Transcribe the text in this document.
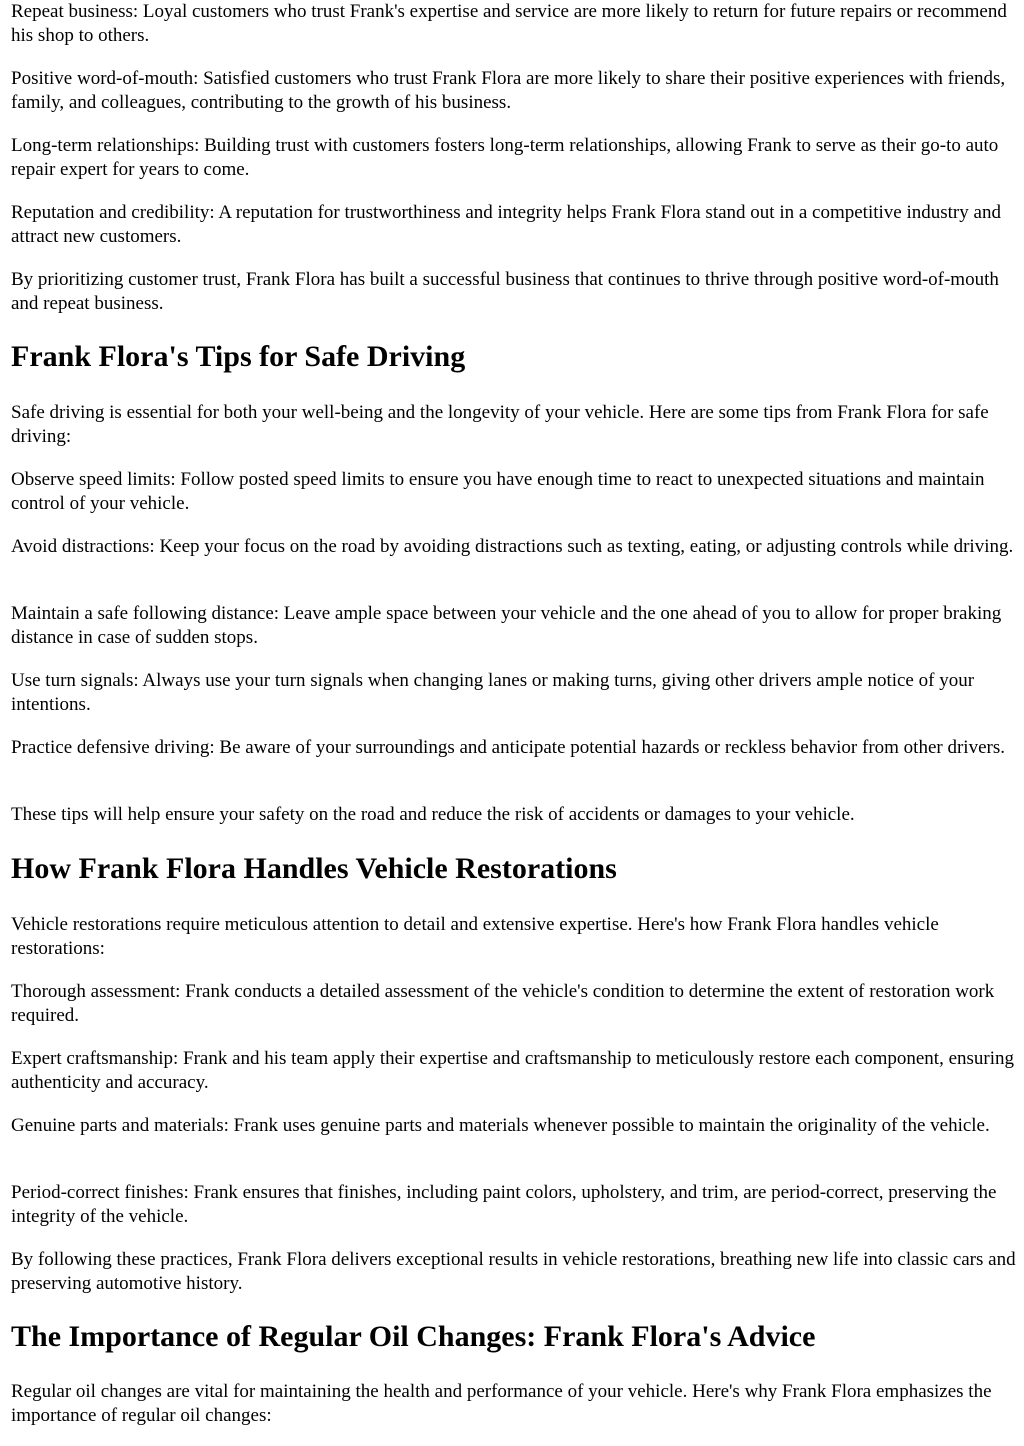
Repeat business: Loyal customers who trust Frank's expertise and service are more likely to return for future repairs or recommend his shop to others.

Positive word-of-mouth: Satisfied customers who trust Frank Flora are more likely to share their positive experiences with friends, family, and colleagues, contributing to the growth of his business.

Long-term relationships: Building trust with customers fosters long-term relationships, allowing Frank to serve as their go-to auto repair expert for years to come.

Reputation and credibility: A reputation for trustworthiness and integrity helps Frank Flora stand out in a competitive industry and attract new customers.

By prioritizing customer trust, Frank Flora has built a successful business that continues to thrive through positive word-of-mouth and repeat business.

Frank Flora's Tips for Safe Driving

Safe driving is essential for both your well-being and the longevity of your vehicle. Here are some tips from Frank Flora for safe driving:

Observe speed limits: Follow posted speed limits to ensure you have enough time to react to unexpected situations and maintain control of your vehicle.

Avoid distractions: Keep your focus on the road by avoiding distractions such as texting, eating, or adjusting controls while driving.

Maintain a safe following distance: Leave ample space between your vehicle and the one ahead of you to allow for proper braking distance in case of sudden stops.

Use turn signals: Always use your turn signals when changing lanes or making turns, giving other drivers ample notice of your intentions.

Practice defensive driving: Be aware of your surroundings and anticipate potential hazards or reckless behavior from other drivers.

These tips will help ensure your safety on the road and reduce the risk of accidents or damages to your vehicle.

How Frank Flora Handles Vehicle Restorations

Vehicle restorations require meticulous attention to detail and extensive expertise. Here's how Frank Flora handles vehicle restorations:

Thorough assessment: Frank conducts a detailed assessment of the vehicle's condition to determine the extent of restoration work required.

Expert craftsmanship: Frank and his team apply their expertise and craftsmanship to meticulously restore each component, ensuring authenticity and accuracy.

Genuine parts and materials: Frank uses genuine parts and materials whenever possible to maintain the originality of the vehicle.

Period-correct finishes: Frank ensures that finishes, including paint colors, upholstery, and trim, are period-correct, preserving the integrity of the vehicle.

By following these practices, Frank Flora delivers exceptional results in vehicle restorations, breathing new life into classic cars and preserving automotive history.

The Importance of Regular Oil Changes: Frank Flora's Advice

Regular oil changes are vital for maintaining the health and performance of your vehicle. Here's why Frank Flora emphasizes the importance of regular oil changes:
